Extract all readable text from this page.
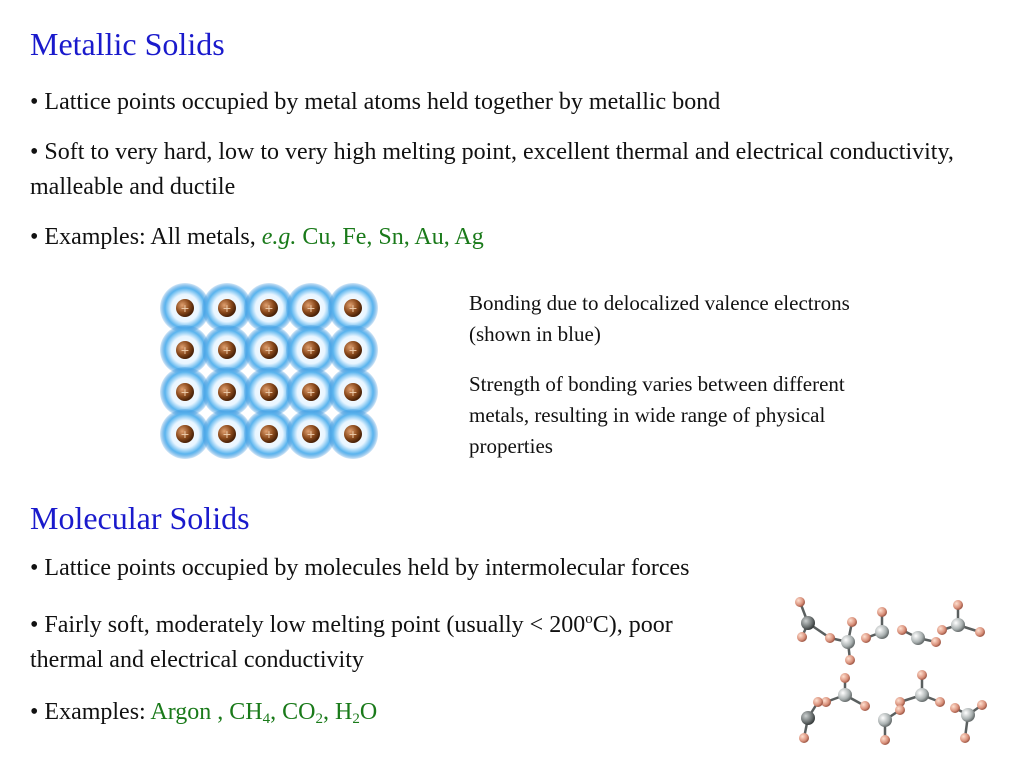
Metallic Solids

• Lattice points occupied by metal atoms held together by metallic bond

• Soft to very hard, low to very high melting point, excellent thermal and electrical conductivity, malleable and ductile

• Examples: All metals, e.g. Cu, Fe, Sn, Au, Ag

+	+	+	+	+
+	+	+	+	+
+	+	+	+	+
+	+	+	+	+

Bonding due to delocalized valence electrons (shown in blue)

Strength of bonding varies between different metals, resulting in wide range of physical properties

Molecular Solids

• Lattice points occupied by molecules held by intermolecular forces

• Fairly soft, moderately low melting point (usually < $200^oC$), poor thermal and electrical conductivity

• Examples: Argon , $CH_4$, $CO_2$, $H_2O$
